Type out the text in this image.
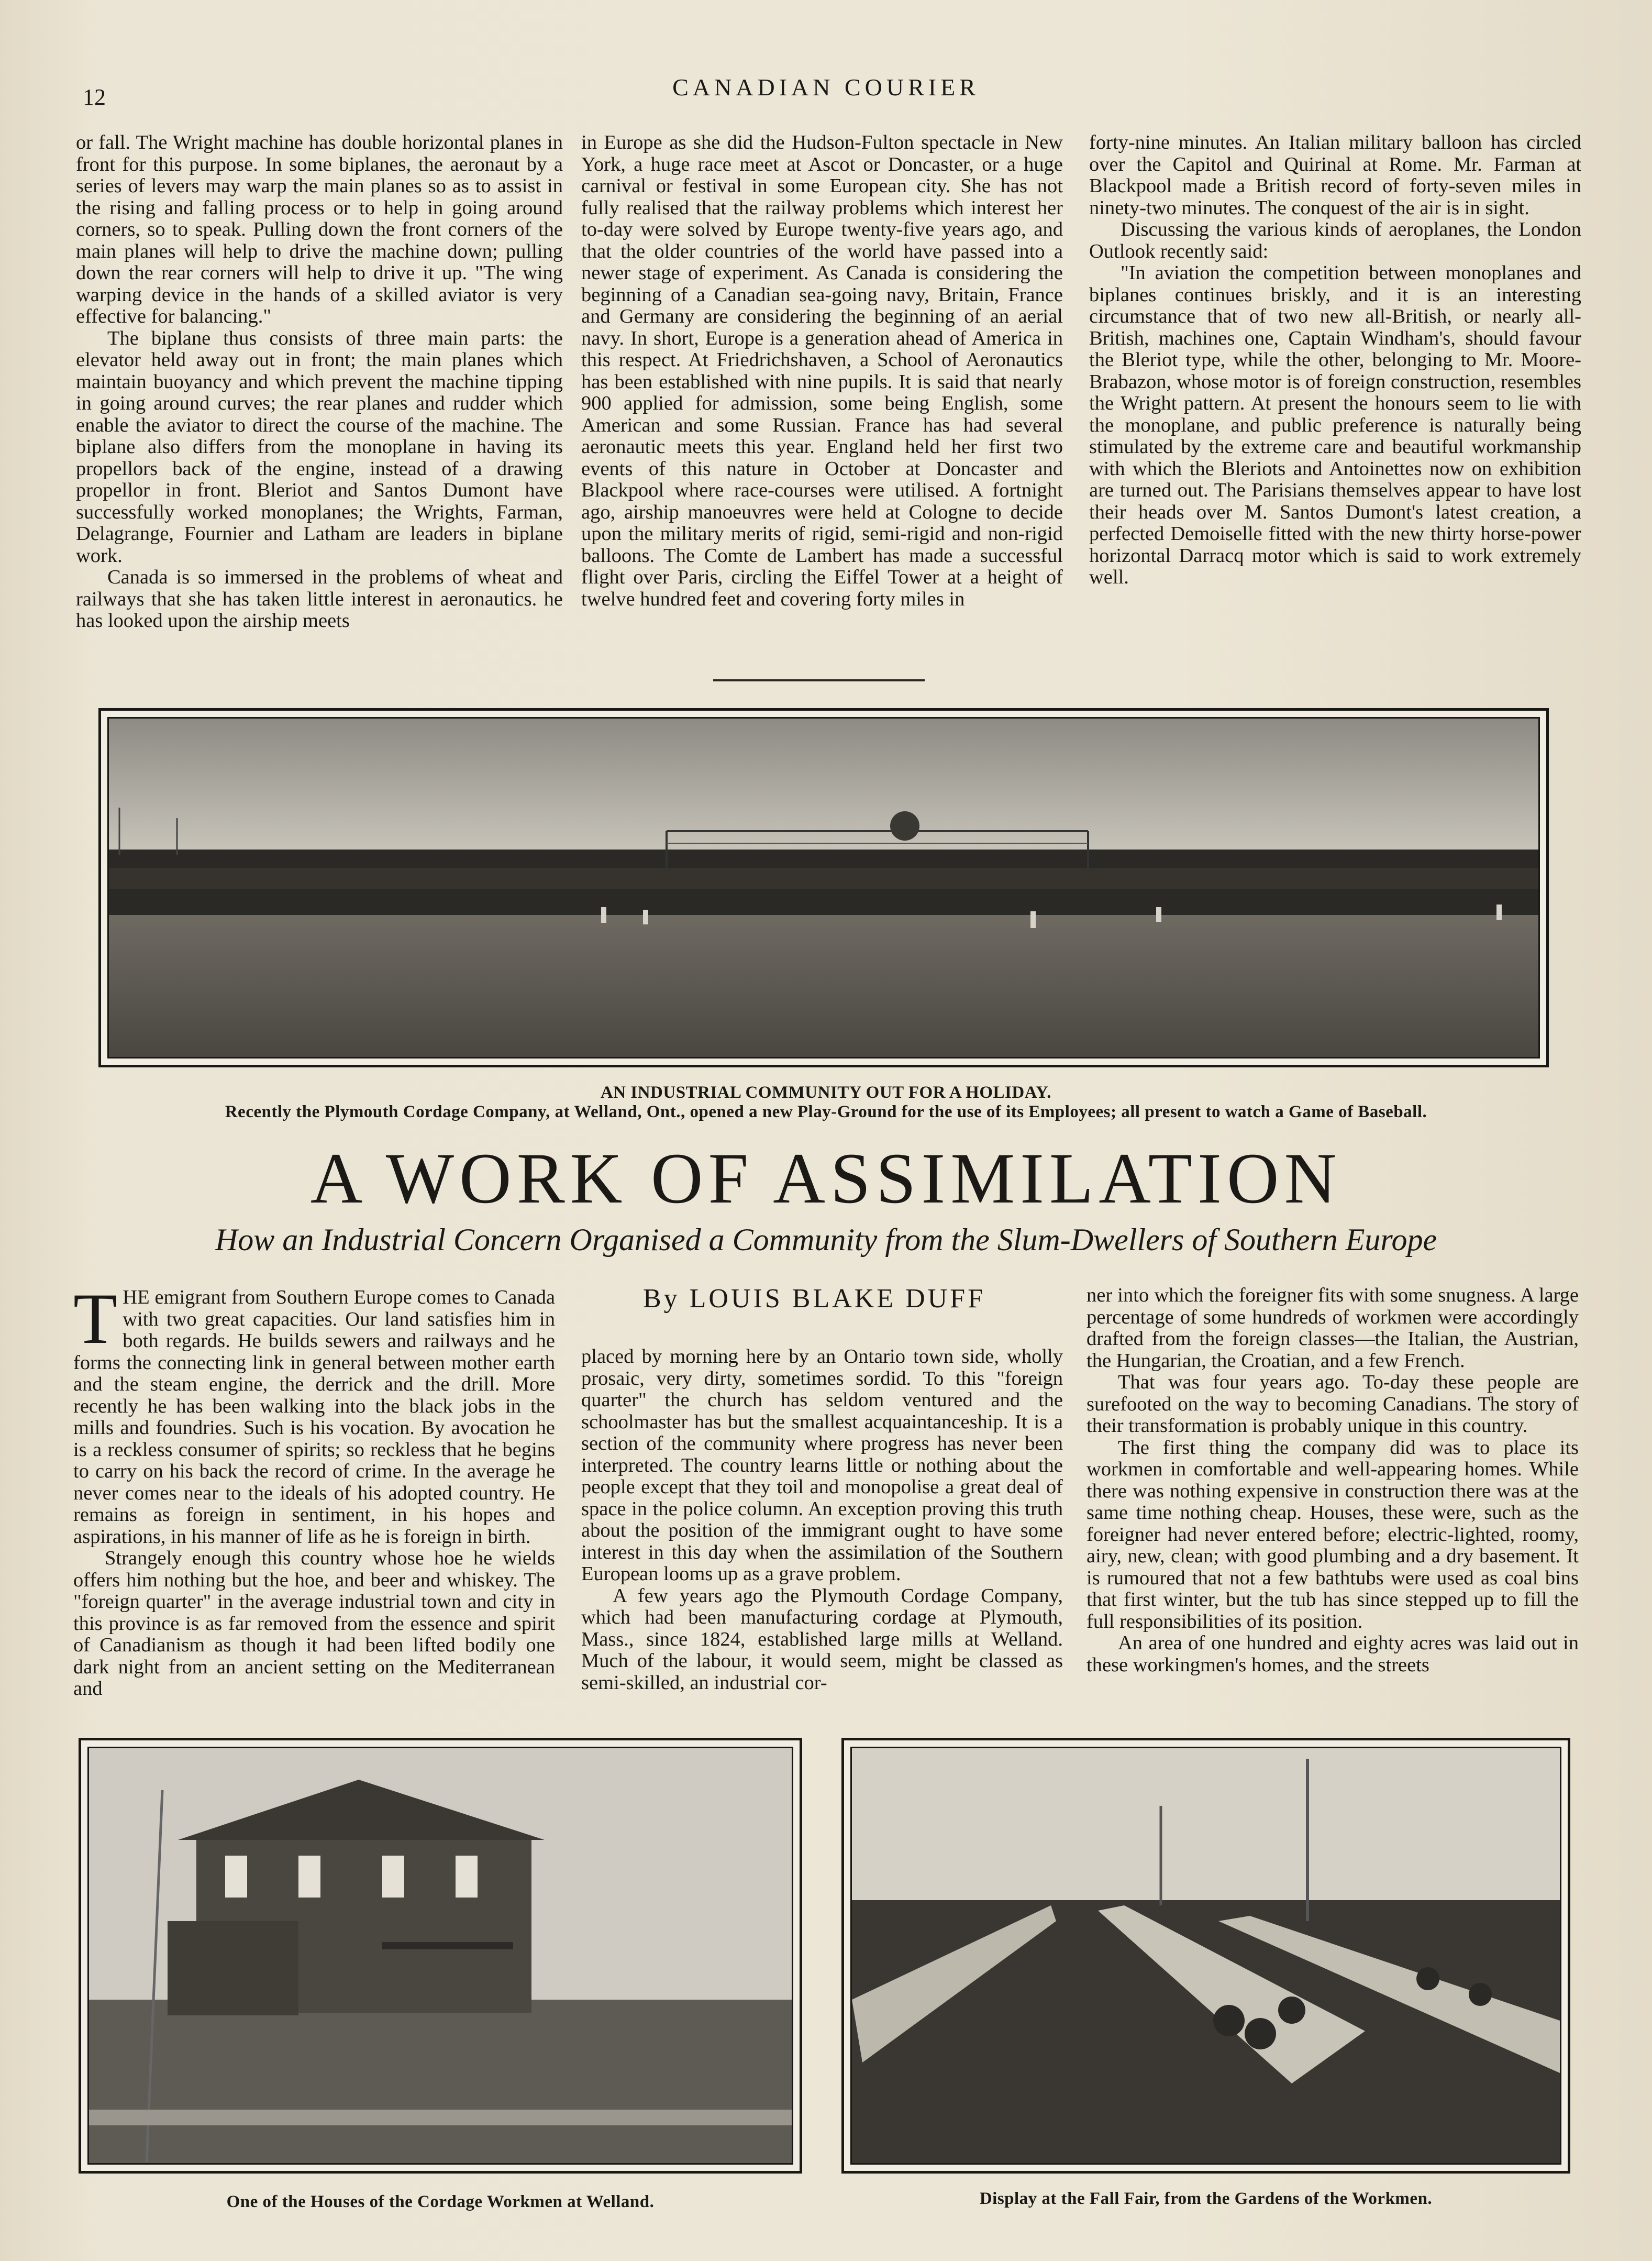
12	CANADIAN COURIER

or fall. The Wright machine has double horizontal planes in front for this purpose. In some biplanes, the aeronaut by a series of levers may warp the main planes so as to assist in the rising and falling process or to help in going around corners, so to speak. Pulling down the front corners of the main planes will help to drive the machine down; pulling down the rear corners will help to drive it up. "The wing warping device in the hands of a skilled aviator is very effective for balancing."

The biplane thus consists of three main parts: the elevator held away out in front; the main planes which maintain buoyancy and which prevent the machine tipping in going around curves; the rear planes and rudder which enable the aviator to direct the course of the machine. The biplane also differs from the monoplane in having its propellors back of the engine, instead of a drawing propellor in front. Bleriot and Santos Dumont have successfully worked monoplanes; the Wrights, Farman, Delagrange, Fournier and Latham are leaders in biplane work.

Canada is so immersed in the problems of wheat and railways that she has taken little interest in aeronautics. he has looked upon the airship meets

in Europe as she did the Hudson-Fulton spectacle in New York, a huge race meet at Ascot or Doncaster, or a huge carnival or festival in some European city. She has not fully realised that the railway problems which interest her to-day were solved by Europe twenty-five years ago, and that the older countries of the world have passed into a newer stage of experiment. As Canada is considering the beginning of a Canadian sea-going navy, Britain, France and Germany are considering the beginning of an aerial navy. In short, Europe is a generation ahead of America in this respect. At Friedrichshaven, a School of Aeronautics has been established with nine pupils. It is said that nearly 900 applied for admission, some being English, some American and some Russian. France has had several aeronautic meets this year. England held her first two events of this nature in October at Doncaster and Blackpool where race-courses were utilised. A fortnight ago, airship manoeuvres were held at Cologne to decide upon the military merits of rigid, semi-rigid and non-rigid balloons. The Comte de Lambert has made a successful flight over Paris, circling the Eiffel Tower at a height of twelve hundred feet and covering forty miles in

forty-nine minutes. An Italian military balloon has circled over the Capitol and Quirinal at Rome. Mr. Farman at Blackpool made a British record of forty-seven miles in ninety-two minutes. The conquest of the air is in sight.

Discussing the various kinds of aeroplanes, the London Outlook recently said:

"In aviation the competition between monoplanes and biplanes continues briskly, and it is an interesting circumstance that of two new all-British, or nearly all-British, machines one, Captain Windham's, should favour the Bleriot type, while the other, belonging to Mr. Moore-Brabazon, whose motor is of foreign construction, resembles the Wright pattern. At present the honours seem to lie with the monoplane, and public preference is naturally being stimulated by the extreme care and beautiful workmanship with which the Bleriots and Antoinettes now on exhibition are turned out. The Parisians themselves appear to have lost their heads over M. Santos Dumont's latest creation, a perfected Demoiselle fitted with the new thirty horse-power horizontal Darracq motor which is said to work extremely well.

AN INDUSTRIAL COMMUNITY OUT FOR A HOLIDAY.
Recently the Plymouth Cordage Company, at Welland, Ont., opened a new Play-Ground for the use of its Employees; all present to watch a Game of Baseball.
A WORK OF ASSIMILATION
How an Industrial Concern Organised a Community from the Slum-Dwellers of Southern Europe
By LOUIS BLAKE DUFF

THE emigrant from Southern Europe comes to Canada with two great capacities. Our land satisfies him in both regards. He builds sewers and railways and he forms the connecting link in general between mother earth and the steam engine, the derrick and the drill. More recently he has been walking into the black jobs in the mills and foundries. Such is his vocation. By avocation he is a reckless consumer of spirits; so reckless that he begins to carry on his back the record of crime. In the average he never comes near to the ideals of his adopted country. He remains as foreign in sentiment, in his hopes and aspirations, in his manner of life as he is foreign in birth.

Strangely enough this country whose hoe he wields offers him nothing but the hoe, and beer and whiskey. The "foreign quarter" in the average industrial town and city in this province is as far removed from the essence and spirit of Canadianism as though it had been lifted bodily one dark night from an ancient setting on the Mediterranean and

placed by morning here by an Ontario town side, wholly prosaic, very dirty, sometimes sordid. To this "foreign quarter" the church has seldom ventured and the schoolmaster has but the smallest acquaintanceship. It is a section of the community where progress has never been interpreted. The country learns little or nothing about the people except that they toil and monopolise a great deal of space in the police column. An exception proving this truth about the position of the immigrant ought to have some interest in this day when the assimilation of the Southern European looms up as a grave problem.

A few years ago the Plymouth Cordage Company, which had been manufacturing cordage at Plymouth, Mass., since 1824, established large mills at Welland. Much of the labour, it would seem, might be classed as semi-skilled, an industrial cor-

ner into which the foreigner fits with some snugness. A large percentage of some hundreds of workmen were accordingly drafted from the foreign classes—the Italian, the Austrian, the Hungarian, the Croatian, and a few French.

That was four years ago. To-day these people are surefooted on the way to becoming Canadians. The story of their transformation is probably unique in this country.

The first thing the company did was to place its workmen in comfortable and well-appearing homes. While there was nothing expensive in construction there was at the same time nothing cheap. Houses, these were, such as the foreigner had never entered before; electric-lighted, roomy, airy, new, clean; with good plumbing and a dry basement. It is rumoured that not a few bathtubs were used as coal bins that first winter, but the tub has since stepped up to fill the full responsibilities of its position.

An area of one hundred and eighty acres was laid out in these workingmen's homes, and the streets

One of the Houses of the Cordage Workmen at Welland.	Display at the Fall Fair, from the Gardens of the Workmen.
